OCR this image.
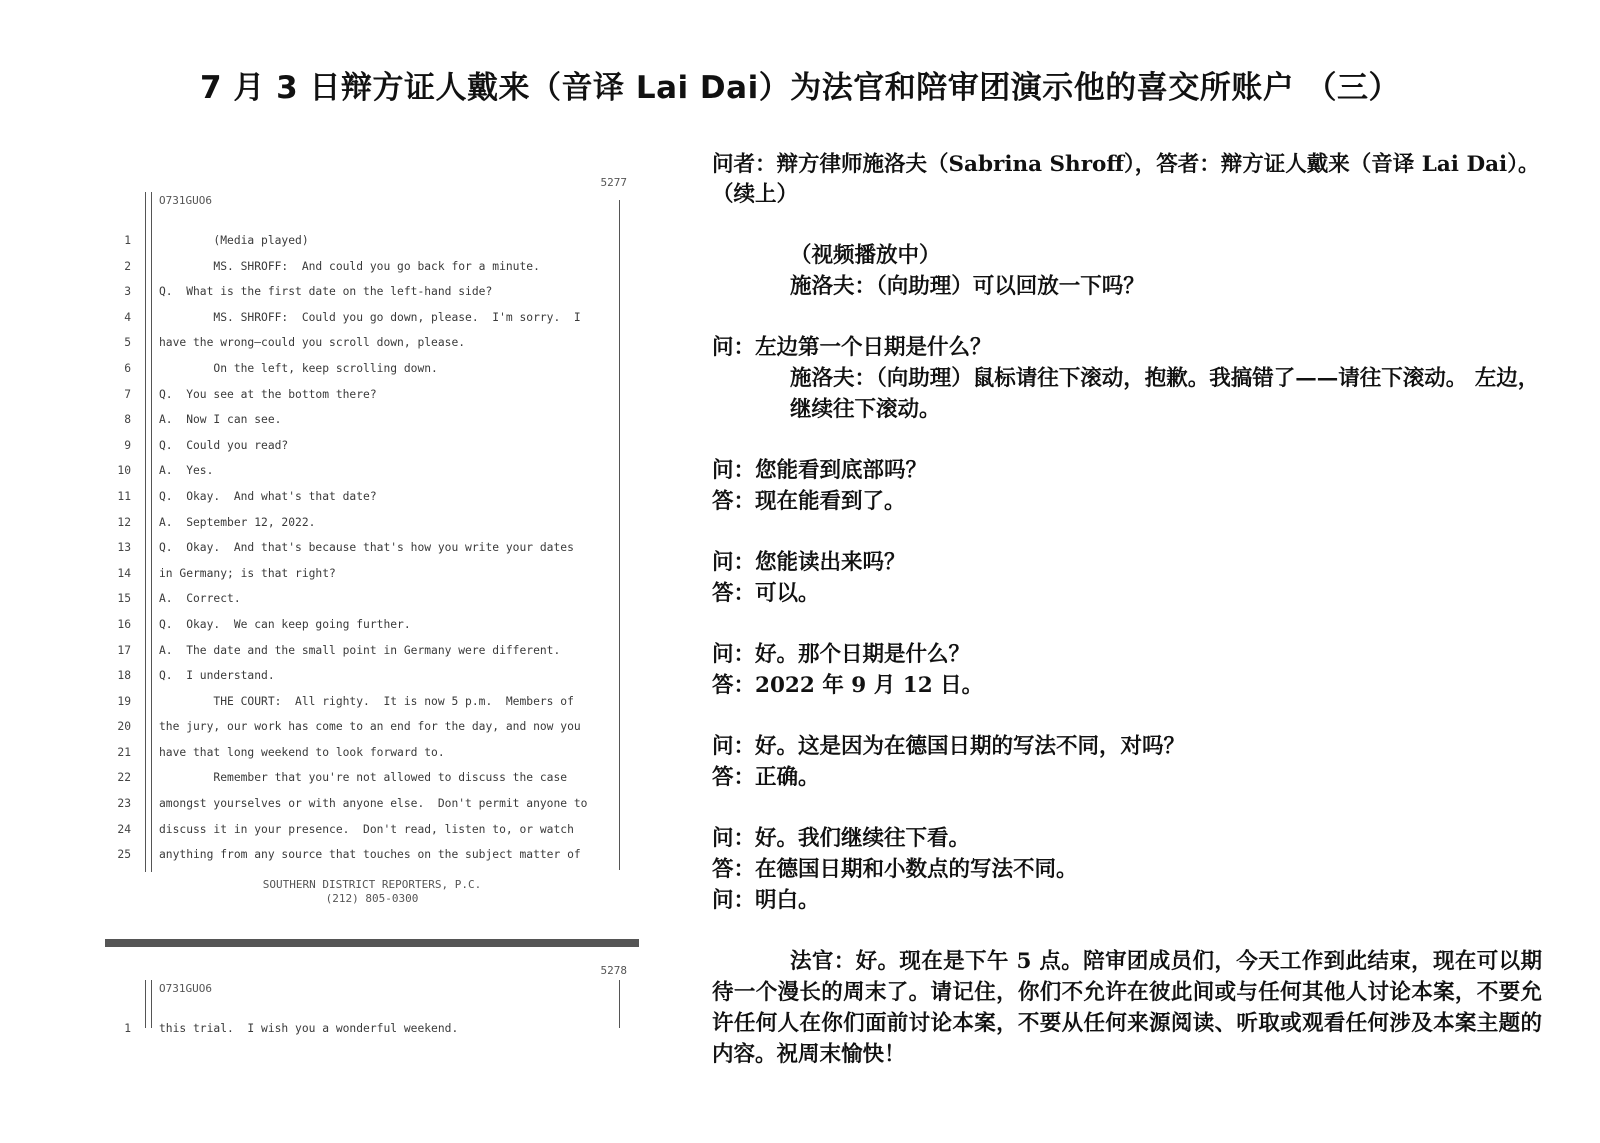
7 月 3 日辩方证人戴来（音译 Lai Dai）为法官和陪审团演示他的喜交所账户 （三）
5277
O731GUO6
1 (Media played)
2 MS. SHROFF:  And could you go back for a minute.
3 Q.  What is the first date on the left-hand side?
4 MS. SHROFF:  Could you go down, please.  I'm sorry.  I
5 have the wrong—could you scroll down, please.
6 On the left, keep scrolling down.
7 Q.  You see at the bottom there?
8 A.  Now I can see.
9 Q.  Could you read?
10 A.  Yes.
11 Q.  Okay.  And what's that date?
12 A.  September 12, 2022.
13 Q.  Okay.  And that's because that's how you write your dates
14 in Germany; is that right?
15 A.  Correct.
16 Q.  Okay.  We can keep going further.
17 A.  The date and the small point in Germany were different.
18 Q.  I understand.
19 THE COURT:  All righty.  It is now 5 p.m.  Members of
20 the jury, our work has come to an end for the day, and now you
21 have that long weekend to look forward to.
22 Remember that you're not allowed to discuss the case
23 amongst yourselves or with anyone else.  Don't permit anyone to
24 discuss it in your presence.  Don't read, listen to, or watch
25 anything from any source that touches on the subject matter of
SOUTHERN DISTRICT REPORTERS, P.C.
(212) 805-0300
5278
O731GUO6
1 this trial.  I wish you a wonderful weekend.
问者：辩方律师施洛夫（Sabrina Shroff），答者：辩方证人戴来（音译 Lai Dai）。（续上）
（视频播放中）
施洛夫：（向助理）可以回放一下吗？
问：左边第一个日期是什么？
施洛夫：（向助理）鼠标请往下滚动，抱歉。我搞错了——请往下滚动。 左边，继续往下滚动。
问：您能看到底部吗？
答：现在能看到了。
问：您能读出来吗？
答：可以。
问：好。那个日期是什么？
答：2022 年 9 月 12 日。
问：好。这是因为在德国日期的写法不同，对吗？
答：正确。
问：好。我们继续往下看。
答：在德国日期和小数点的写法不同。
问：明白。
法官：好。现在是下午 5 点。陪审团成员们，今天工作到此结束，现在可以期待一个漫长的周末了。请记住，你们不允许在彼此间或与任何其他人讨论本案，不要允许任何人在你们面前讨论本案，不要从任何来源阅读、听取或观看任何涉及本案主题的内容。祝周末愉快！
